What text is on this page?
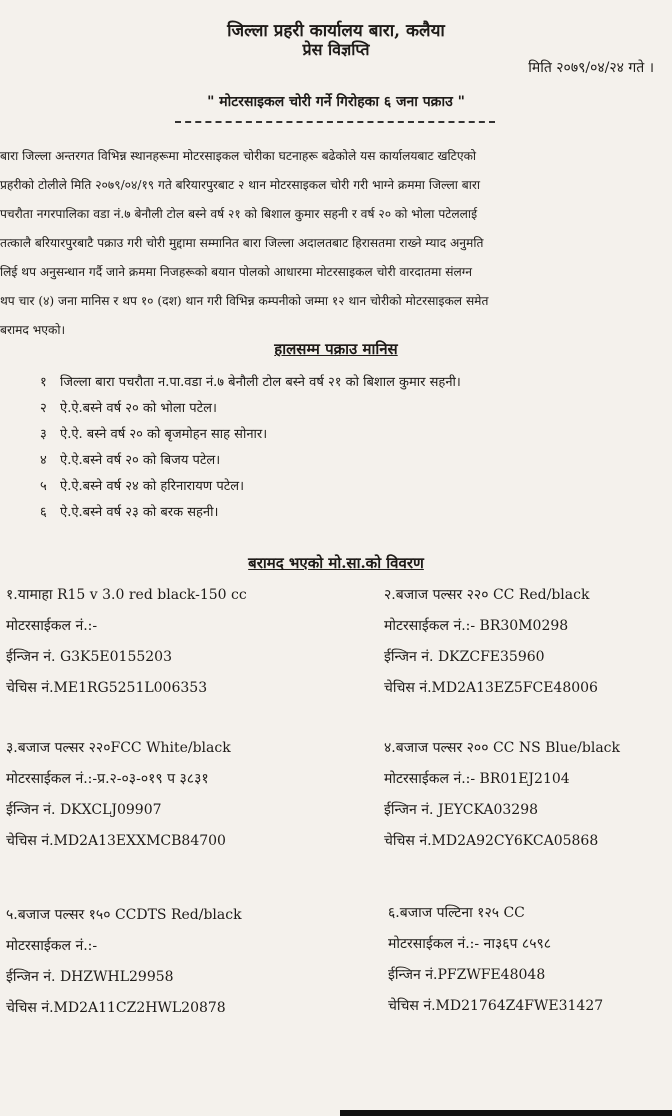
जिल्ला प्रहरी कार्यालय बारा, कलैया
प्रेस विज्ञप्ति
मिति २०७९/०४/२४ गते ।
" मोटरसाइकल चोरी गर्ने गिरोहका ६ जना पक्राउ "
बारा जिल्ला अन्तरगत विभिन्न स्थानहरूमा मोटरसाइकल चोरीका घटनाहरू बढेकोले यस कार्यालयबाट खटिएको
प्रहरीको टोलीले मिति २०७९/०४/१९ गते बरियारपुरबाट २ थान मोटरसाइकल चोरी गरी भाग्ने क्रममा जिल्ला बारा
पचरौता नगरपालिका वडा नं.७ बेनौली टोल बस्ने वर्ष २१ को बिशाल कुमार सहनी र वर्ष २० को भोला पटेललाई
तत्कालै बरियारपुरबाटै पक्राउ गरी चोरी मुद्दामा सम्मानित बारा जिल्ला अदालतबाट हिरासतमा राख्ने म्याद अनुमति
लिई थप अनुसन्धान गर्दै जाने क्रममा निजहरूको बयान पोलको आधारमा मोटरसाइकल चोरी वारदातमा संलग्न
थप चार (४) जना मानिस र थप १० (दश) थान गरी विभिन्न कम्पनीको जम्मा १२ थान चोरीको मोटरसाइकल समेत
बरामद भएको।
हालसम्म पक्राउ मानिस
१ जिल्ला बारा पचरौता न.पा.वडा नं.७ बेनौली टोल बस्ने वर्ष २१ को बिशाल कुमार सहनी।
२ ऐ.ऐ.बस्ने वर्ष २० को भोला पटेल।
३ ऐ.ऐ. बस्ने वर्ष २० को बृजमोहन साह सोनार।
४ ऐ.ऐ.बस्ने वर्ष २० को बिजय पटेल।
५ ऐ.ऐ.बस्ने वर्ष २४ को हरिनारायण पटेल।
६ ऐ.ऐ.बस्ने वर्ष २३ को बरक सहनी।
बरामद भएको मो.सा.को विवरण
१.यामाहा R15 v 3.0 red black-150 cc
मोटरसाईकल नं.:-
ईन्जिन नं. G3K5E0155203
चेचिस नं.ME1RG5251L006353
२.बजाज पल्सर २२० CC Red/black
मोटरसाईकल नं.:- BR30M0298
ईन्जिन नं. DKZCFE35960
चेचिस नं.MD2A13EZ5FCE48006
३.बजाज पल्सर २२०FCC White/black
मोटरसाईकल नं.:-प्र.२-०३-०१९ प ३८३१
ईन्जिन नं. DKXCLJ09907
चेचिस नं.MD2A13EXXMCB84700
४.बजाज पल्सर २०० CC NS Blue/black
मोटरसाईकल नं.:- BR01EJ2104
ईन्जिन नं. JEYCKA03298
चेचिस नं.MD2A92CY6KCA05868
५.बजाज पल्सर १५० CCDTS Red/black
मोटरसाईकल नं.:-
ईन्जिन नं. DHZWHL29958
चेचिस नं.MD2A11CZ2HWL20878
६.बजाज पल्टिना १२५ CC
मोटरसाईकल नं.:- ना३६प ८५९८
ईन्जिन नं.PFZWFE48048
चेचिस नं.MD21764Z4FWE31427
